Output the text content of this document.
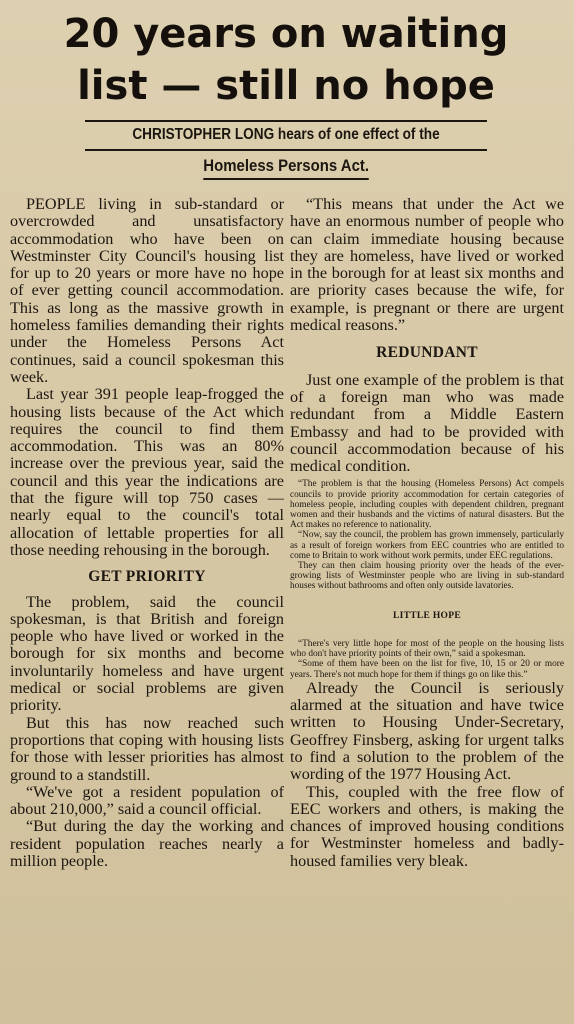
20 years on waiting
list — still no hope
CHRISTOPHER LONG hears of one effect of the
Homeless Persons Act.

PEOPLE living in sub-standard or overcrowded and unsatisfactory accommodation who have been on Westminster City Council's housing list for up to 20 years or more have no hope of ever getting council accommodation. This as long as the massive growth in homeless families demanding their rights under the Homeless Persons Act continues, said a council spokesman this week.

Last year 391 people leap-frogged the housing lists because of the Act which requires the council to find them accommodation. This was an 80% increase over the previous year, said the council and this year the indications are that the figure will top 750 cases — nearly equal to the council's total allocation of lettable properties for all those needing rehousing in the borough.

GET PRIORITY

The problem, said the council spokesman, is that British and foreign people who have lived or worked in the borough for six months and become involuntarily homeless and have urgent medical or social problems are given priority.

But this has now reached such proportions that coping with housing lists for those with lesser priorities has almost ground to a standstill.

“We've got a resident population of about 210,000,” said a council official.

“But during the day the working and resident population reaches nearly a million people.

“This means that under the Act we have an enormous number of people who can claim immediate housing because they are homeless, have lived or worked in the borough for at least six months and are priority cases because the wife, for example, is pregnant or there are urgent medical reasons.”

REDUNDANT

Just one example of the problem is that of a foreign man who was made redundant from a Middle Eastern Embassy and had to be provided with council accommodation because of his medical condition.

“The problem is that the housing (Homeless Persons) Act compels councils to provide priority accommodation for certain categories of homeless people, including couples with dependent children, pregnant women and their husbands and the victims of natural disasters. But the Act makes no reference to nationality.

“Now, say the council, the problem has grown immensely, particularly as a result of foreign workers from EEC countries who are entitled to come to Britain to work without work permits, under EEC regulations.

They can then claim housing priority over the heads of the ever-growing lists of Westminster people who are living in sub-standard houses without bathrooms and often only outside lavatories.

LITTLE HOPE

“There's very little hope for most of the people on the housing lists who don't have priority points of their own,” said a spokesman.

“Some of them have been on the list for five, 10, 15 or 20 or more years. There's not much hope for them if things go on like this.”

Already the Council is seriously alarmed at the situation and have twice written to Housing Under-Secretary, Geoffrey Finsberg, asking for urgent talks to find a solution to the problem of the wording of the 1977 Housing Act.

This, coupled with the free flow of EEC workers and others, is making the chances of improved housing conditions for Westminster homeless and badly-housed families very bleak.
